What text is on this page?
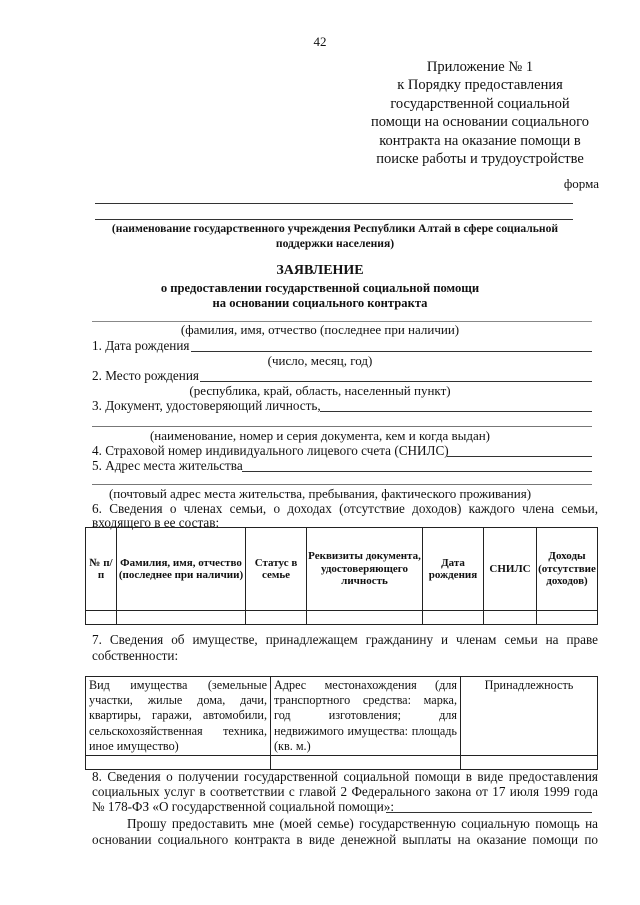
42
Приложение № 1
к Порядку предоставления
государственной социальной
помощи на основании социального
контракта на оказание помощи в
поиске работы и трудоустройстве
форма
(наименование государственного учреждения Республики Алтай в сфере социальной поддержки населения)
ЗАЯВЛЕНИЕ
о предоставлении государственной социальной помощи
на основании социального контракта
(фамилия, имя, отчество (последнее при наличии)
1. Дата рождения
(число, месяц, год)
2. Место рождения
(республика, край, область, населенный пункт)
3. Документ, удостоверяющий личность,
(наименование, номер и серия документа, кем и когда выдан)
4. Страховой номер индивидуального лицевого счета (СНИЛС)
5. Адрес места жительства
(почтовый адрес места жительства, пребывания, фактического проживания)
6. Сведения о членах семьи, о доходах (отсутствие доходов) каждого члена семьи,
входящего в ее состав:
№ п/п	Фамилия, имя, отчество (последнее при наличии)	Статус в семье	Реквизиты документа, удостоверяющего личность	Дата рождения	СНИЛС	Доходы (отсутствие доходов)

7. Сведения об имуществе, принадлежащем гражданину и членам семьи на праве
собственности:
Вид имущества (земельные участки, жилые дома, дачи, квартиры, гаражи, автомобили, сельскохозяйственная техника, иное имущество)	Адрес местонахождения (для транспортного средства: марка, год изготовления; для недвижимого имущества: площадь (кв. м.)	Принадлежность

8. Сведения о получении государственной социальной помощи в виде предоставления
социальных услуг в соответствии с главой 2 Федерального закона от 17 июля 1999 года
№ 178-ФЗ «О государственной социальной помощи»:
Прошу предоставить мне (моей семье) государственную социальную помощь на
основании социального контракта в виде денежной выплаты на оказание помощи по
